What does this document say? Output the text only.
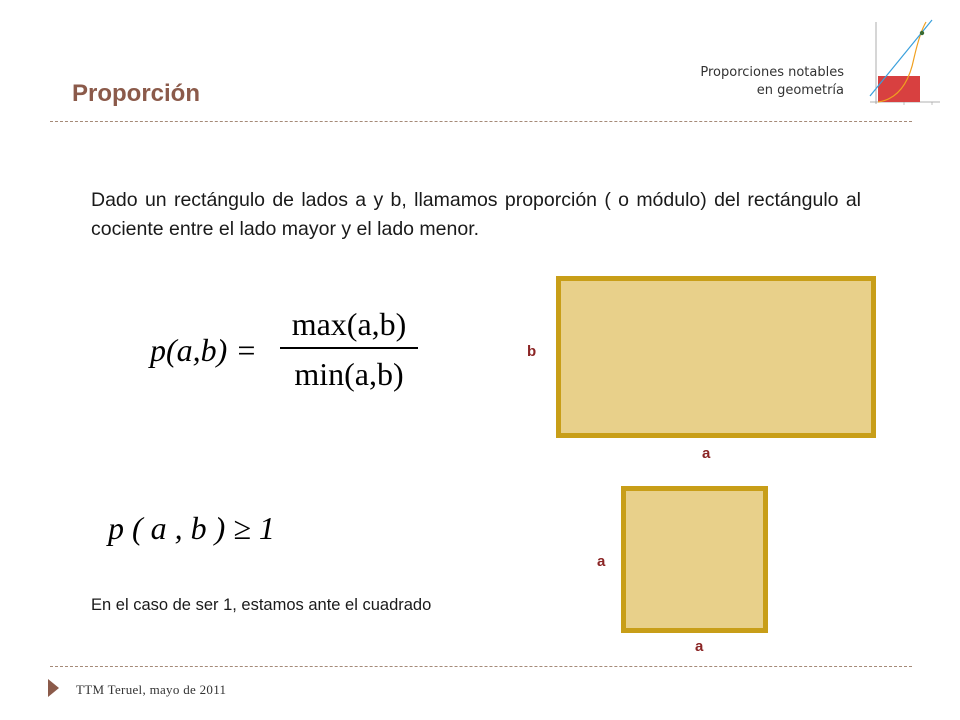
Proporciones notables
en geometría
Proporción
Dado un rectángulo de lados a y b, llamamos proporción ( o módulo) del rectángulo al cociente entre el lado mayor y el lado menor.
p(a,b) =
max(a,b)
min(a,b)
b
a
p ( a , b ) ≥ 1
a
a
En el caso de ser 1, estamos ante el cuadrado
TTM Teruel, mayo de 2011
